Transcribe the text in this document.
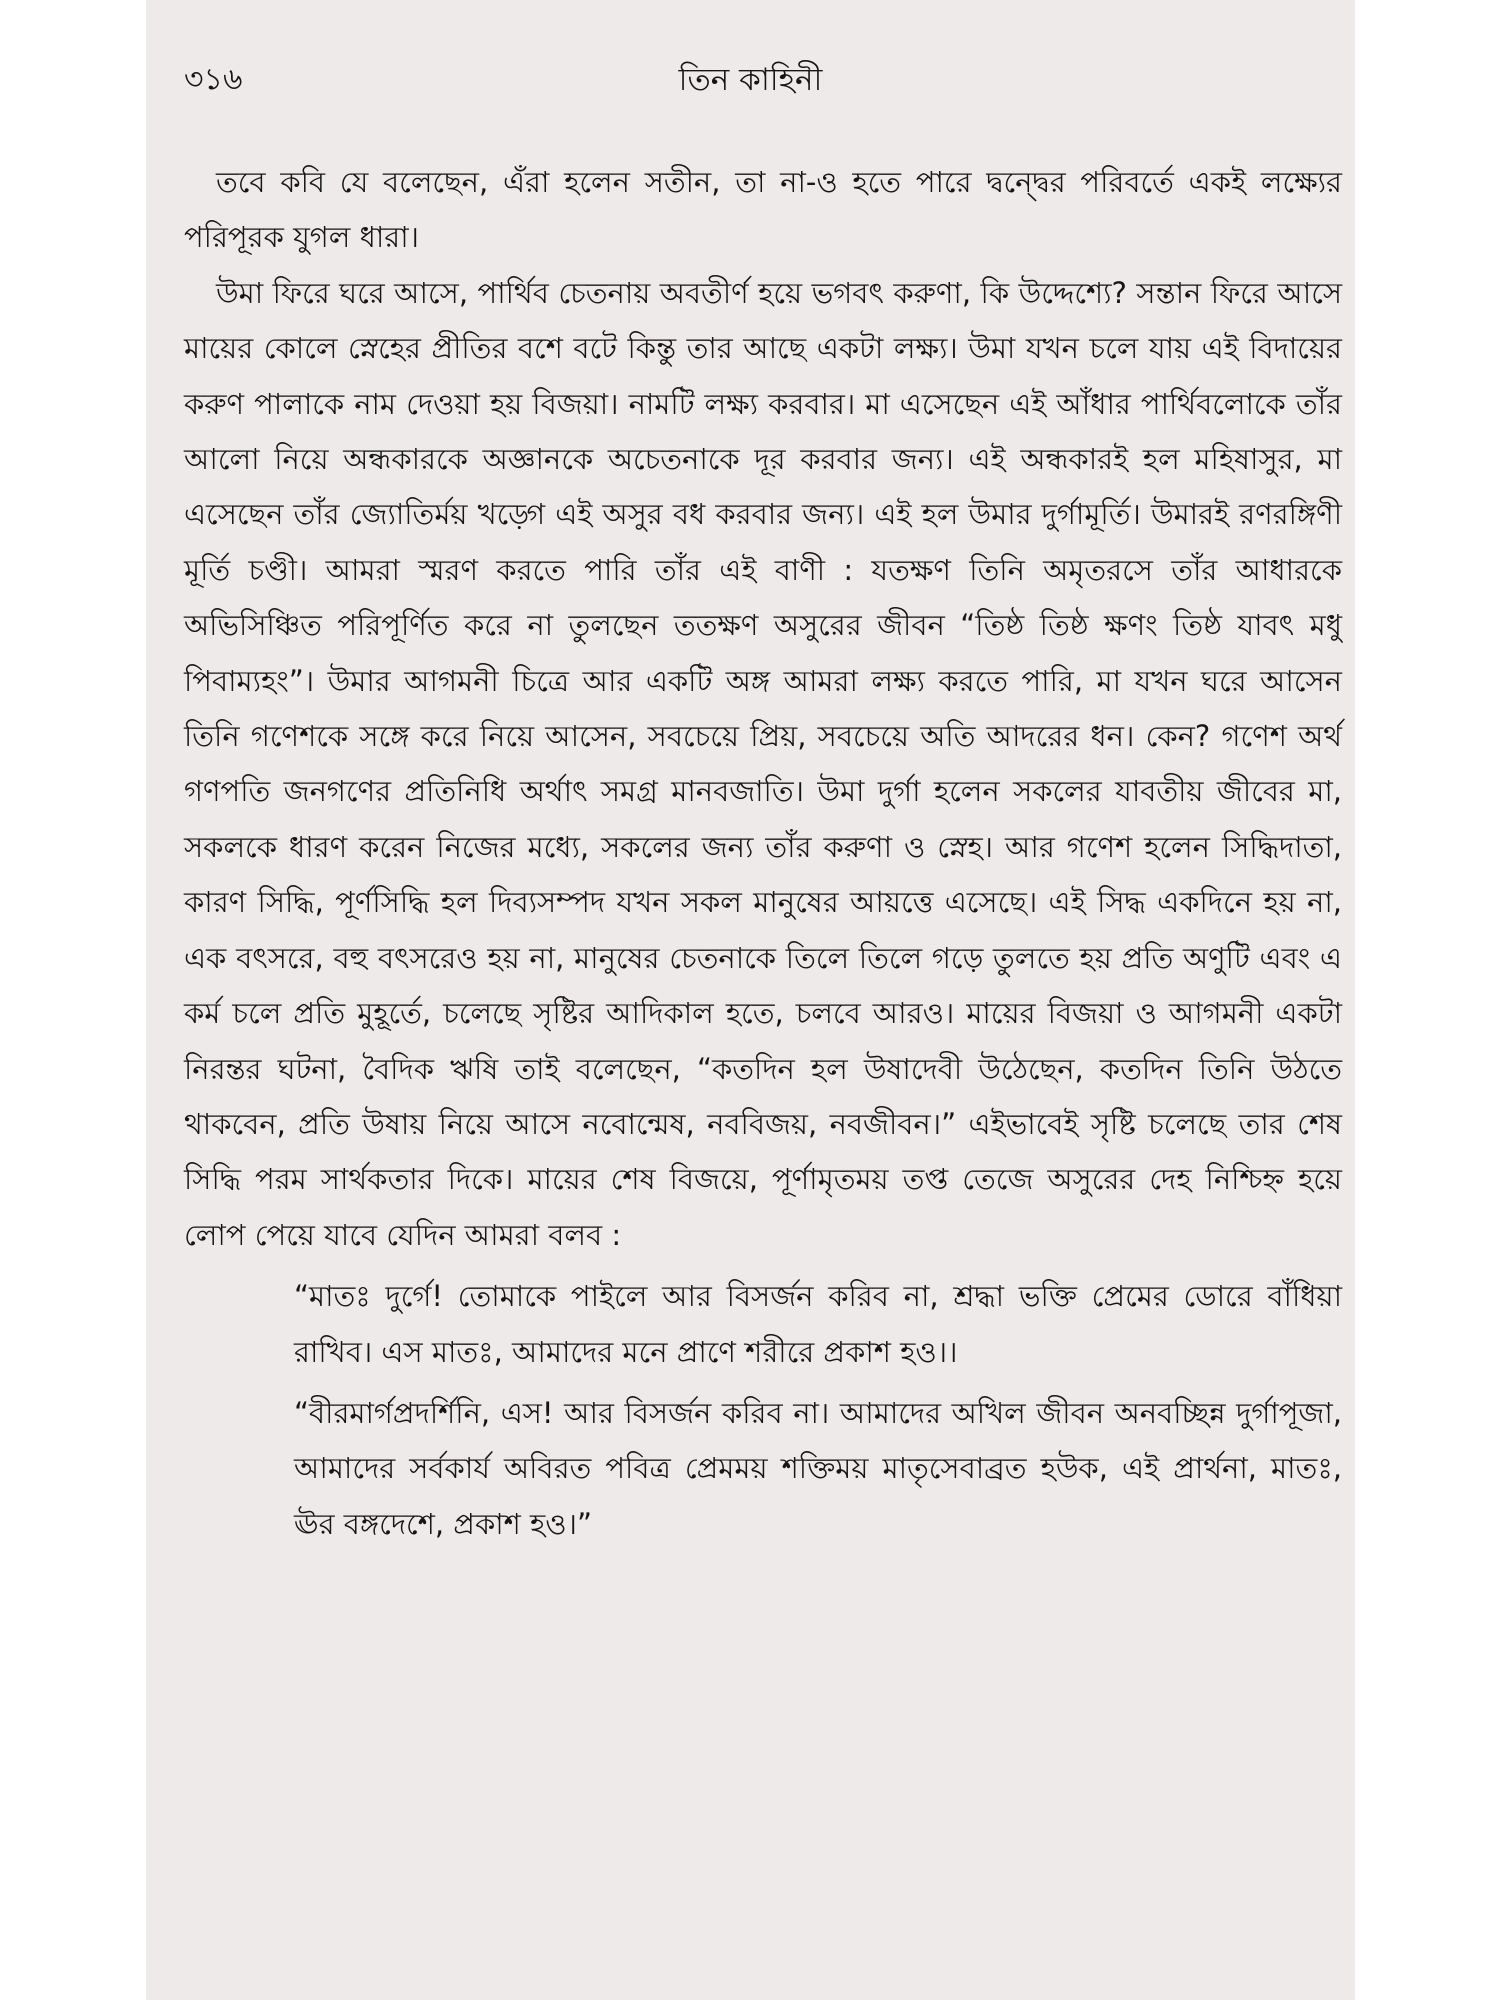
৩১৬	তিন কাহিনী

তবে কবি যে বলেছেন, এঁরা হলেন সতীন, তা না-ও হতে পারে দ্বন্দ্বের পরিবর্তে একই লক্ষ্যের পরিপূরক যুগল ধারা।

উমা ফিরে ঘরে আসে, পার্থিব চেতনায় অবতীর্ণ হয়ে ভগবৎ করুণা, কি উদ্দেশ্যে? সন্তান ফিরে আসে মায়ের কোলে স্নেহের প্রীতির বশে বটে কিন্তু তার আছে একটা লক্ষ্য। উমা যখন চলে যায় এই বিদায়ের করুণ পালাকে নাম দেওয়া হয় বিজয়া। নামটি লক্ষ্য করবার। মা এসেছেন এই আঁধার পার্থিবলোকে তাঁর আলো নিয়ে অন্ধকারকে অজ্ঞানকে অচেতনাকে দূর করবার জন্য। এই অন্ধকারই হল মহিষাসুর, মা এসেছেন তাঁর জ্যোতির্ময় খড়্গে এই অসুর বধ করবার জন্য। এই হল উমার দুর্গামূর্তি। উমারই রণরঙ্গিণী মূর্তি চণ্ডী। আমরা স্মরণ করতে পারি তাঁর এই বাণী : যতক্ষণ তিনি অমৃতরসে তাঁর আধারকে অভিসিঞ্চিত পরিপূর্ণিত করে না তুলছেন ততক্ষণ অসুরের জীবন “তিষ্ঠ তিষ্ঠ ক্ষণং তিষ্ঠ যাবৎ মধু পিবাম্যহং”। উমার আগমনী চিত্রে আর একটি অঙ্গ আমরা লক্ষ্য করতে পারি, মা যখন ঘরে আসেন তিনি গণেশকে সঙ্গে করে নিয়ে আসেন, সবচেয়ে প্রিয়, সবচেয়ে অতি আদরের ধন। কেন? গণেশ অর্থ গণপতি জনগণের প্রতিনিধি অর্থাৎ সমগ্র মানবজাতি। উমা দুর্গা হলেন সকলের যাবতীয় জীবের মা, সকলকে ধারণ করেন নিজের মধ্যে, সকলের জন্য তাঁর করুণা ও স্নেহ। আর গণেশ হলেন সিদ্ধিদাতা, কারণ সিদ্ধি, পূর্ণসিদ্ধি হল দিব্যসম্পদ যখন সকল মানুষের আয়ত্তে এসেছে। এই সিদ্ধ একদিনে হয় না, এক বৎসরে, বহু বৎসরেও হয় না, মানুষের চেতনাকে তিলে তিলে গড়ে তুলতে হয় প্রতি অণুটি এবং এ কর্ম চলে প্রতি মুহূর্তে, চলেছে সৃষ্টির আদিকাল হতে, চলবে আরও। মায়ের বিজয়া ও আগমনী একটা নিরন্তর ঘটনা, বৈদিক ঋষি তাই বলেছেন, “কতদিন হল উষাদেবী উঠেছেন, কতদিন তিনি উঠতে থাকবেন, প্রতি উষায় নিয়ে আসে নবোন্মেষ, নববিজয়, নবজীবন।” এইভাবেই সৃষ্টি চলেছে তার শেষ সিদ্ধি পরম সার্থকতার দিকে। মায়ের শেষ বিজয়ে, পূর্ণামৃতময় তপ্ত তেজে অসুরের দেহ নিশ্চিহ্ন হয়ে লোপ পেয়ে যাবে যেদিন আমরা বলব :

“মাতঃ দুর্গে! তোমাকে পাইলে আর বিসর্জন করিব না, শ্রদ্ধা ভক্তি প্রেমের ডোরে বাঁধিয়া রাখিব। এস মাতঃ, আমাদের মনে প্রাণে শরীরে প্রকাশ হও।।

“বীরমার্গপ্রদর্শিনি, এস! আর বিসর্জন করিব না। আমাদের অখিল জীবন অনবচ্ছিন্ন দুর্গাপূজা, আমাদের সর্বকার্য অবিরত পবিত্র প্রেমময় শক্তিময় মাতৃসেবাব্রত হউক, এই প্রার্থনা, মাতঃ, ঊর বঙ্গদেশে, প্রকাশ হও।”
